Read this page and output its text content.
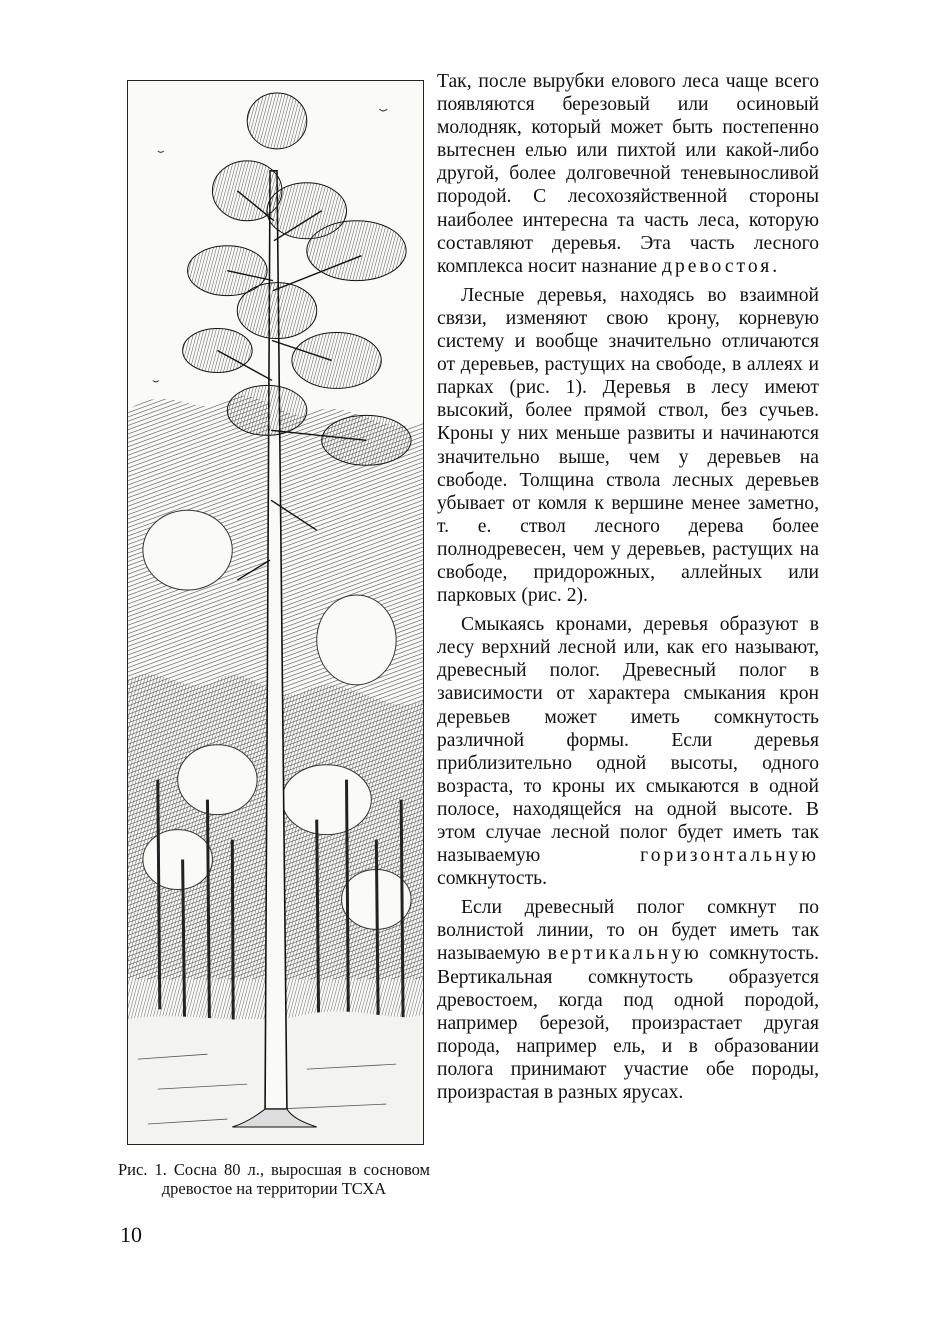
Рис. 1. Сосна 80 л., выросшая в сосновом древостое на территории ТСХА
10

Так, после вырубки елового леса чаще всего появляются березовый или осиновый молодняк, который может быть постепенно вытеснен елью или пихтой или какой-либо другой, более долговечной теневыносливой породой. С лесохозяйственной стороны наиболее интересна та часть леса, которую составляют деревья. Эта часть лесного комплекса носит назнание древостоя.

Лесные деревья, находясь во взаимной связи, изменяют свою крону, корневую систему и вообще значительно отличаются от деревьев, растущих на свободе, в аллеях и парках (рис. 1). Деревья в лесу имеют высокий, более прямой ствол, без сучьев. Кроны у них меньше развиты и начинаются значительно выше, чем у деревьев на свободе. Толщина ствола лесных деревьев убывает от комля к вершине менее заметно, т. е. ствол лесного дерева более полнодревесен, чем у деревьев, растущих на свободе, придорожных, аллейных или парковых (рис. 2).

Смыкаясь кронами, деревья образуют в лесу верхний лесной или, как его называют, древесный полог. Древесный полог в зависимости от характера смыкания крон деревьев может иметь сомкнутость различной формы. Если деревья приблизительно одной высоты, одного возраста, то кроны их смыкаются в одной полосе, находящейся на одной высоте. В этом случае лесной полог будет иметь так называемую горизонтальную сомкнутость.

Если древесный полог сомкнут по волнистой линии, то он будет иметь так называемую вертикальную сомкнутость. Вертикальная сомкнутость образуется древостоем, когда под одной породой, например березой, произрастает другая порода, например ель, и в образовании полога принимают участие обе породы, произрастая в разных ярусах.
